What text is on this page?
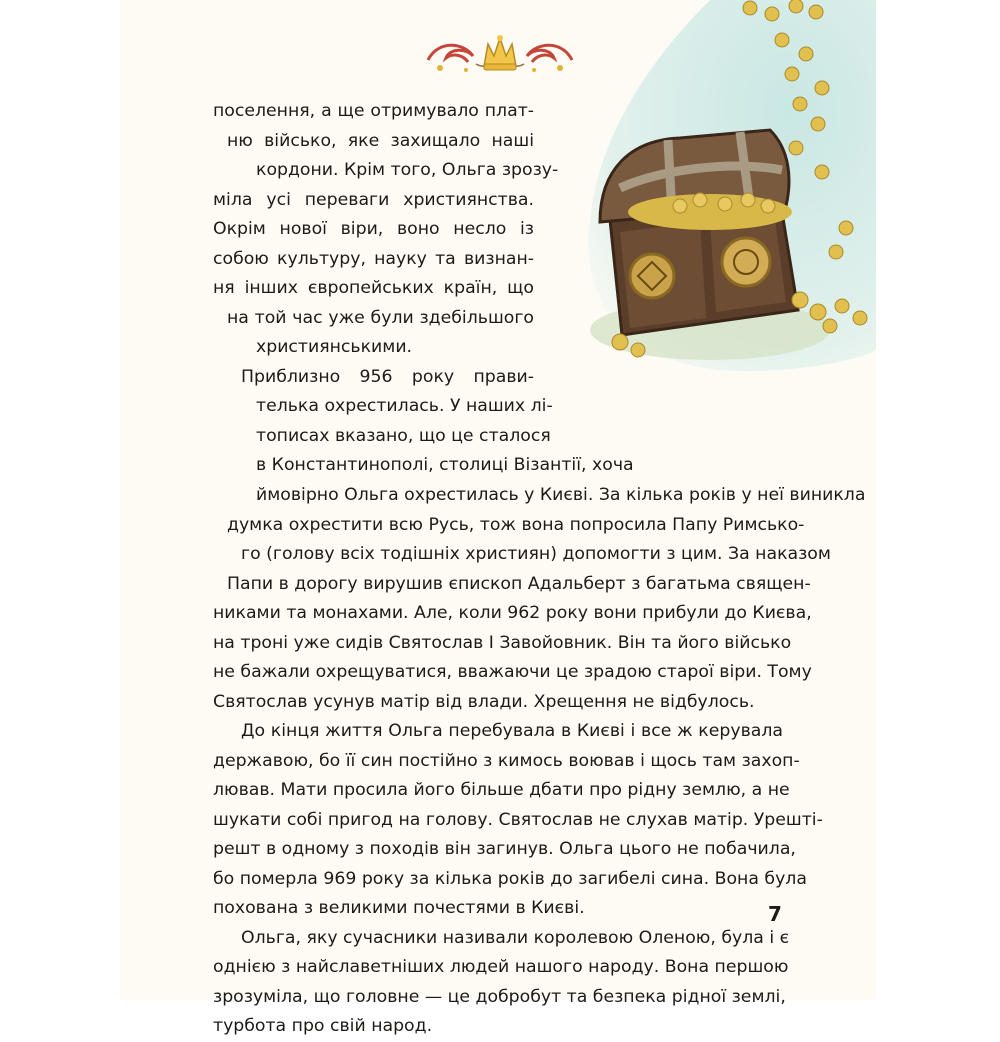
поселення, а ще отримувало плат-
ню військо, яке захищало наші
кордони. Крім того, Ольга зрозу-
міла усі переваги християнства.
Окрім нової віри, воно несло із
собою культуру, науку та визнан-
ня інших європейських країн, що
на той час уже були здебільшого
християнськими.
Приблизно 956 року прави-
телька охрестилась. У наших лі-
тописах вказано, що це сталося
в Константинополі, столиці Візантії, хоча
ймовірно Ольга охрестилась у Києві. За кілька років у неї виникла
думка охрестити всю Русь, тож вона попросила Папу Римсько-
го (голову всіх тодішніх християн) допомогти з цим. За наказом
Папи в дорогу вирушив єпископ Адальберт з багатьма священ-
никами та монахами. Але, коли 962 року вони прибули до Києва,
на троні уже сидів Святослав І Завойовник. Він та його військо
не бажали охрещуватися, вважаючи це зрадою старої віри. Тому
Святослав усунув матір від влади. Хрещення не відбулось.
До кінця життя Ольга перебувала в Києві і все ж керувала
державою, бо її син постійно з кимось воював і щось там захоп-
лював. Мати просила його більше дбати про рідну землю, а не
шукати собі пригод на голову. Святослав не слухав матір. Урешті-
решт в одному з походів він загинув. Ольга цього не побачила,
бо померла 969 року за кілька років до загибелі сина. Вона була
похована з великими почестями в Києві.
Ольга, яку сучасники називали королевою Оленою, була і є
однією з найславетніших людей нашого народу. Вона першою
зрозуміла, що головне — це добробут та безпека рідної землі,
турбота про свій народ.
7
